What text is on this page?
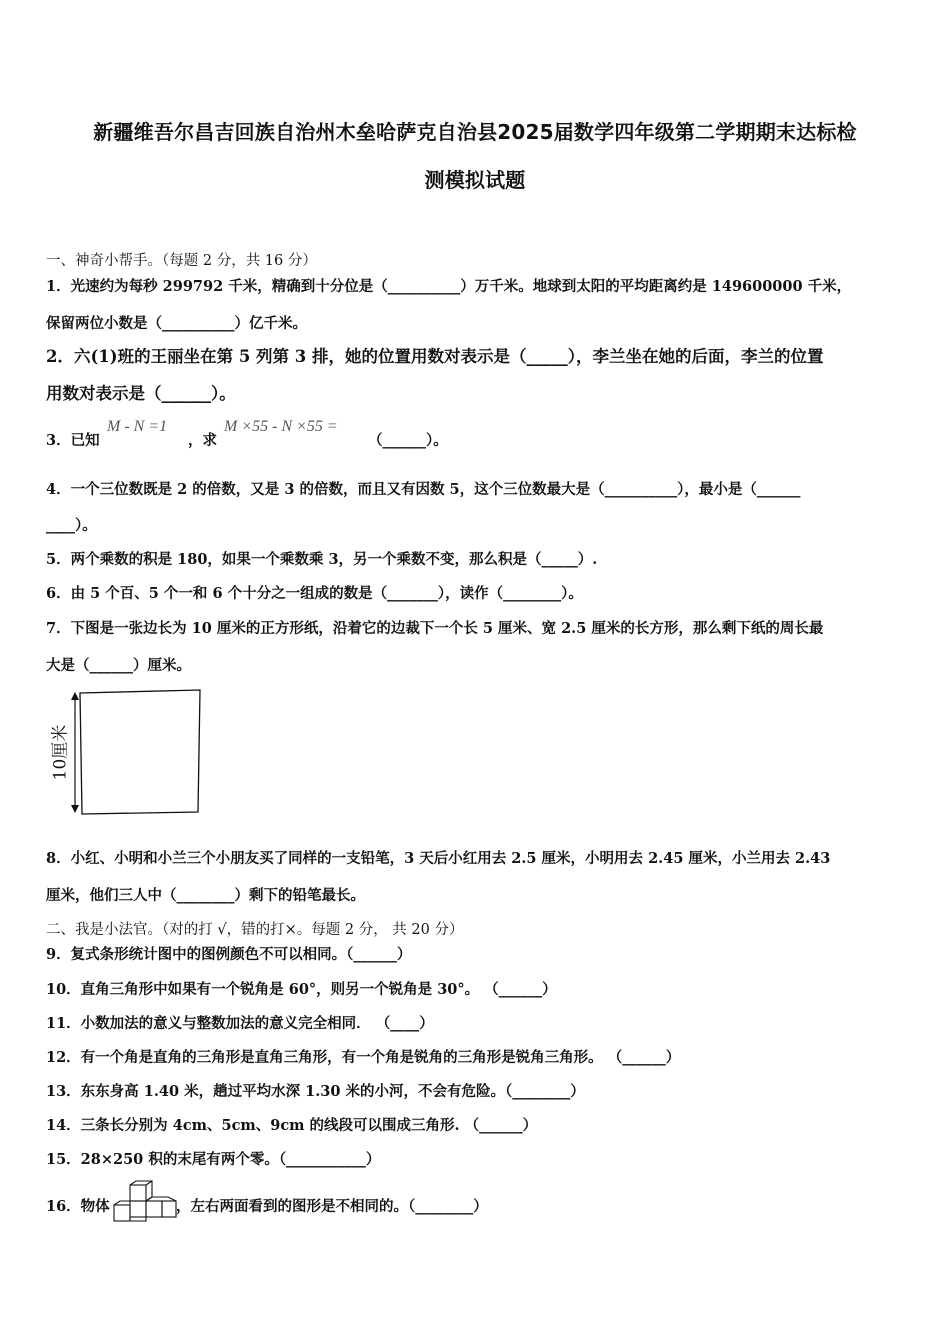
新疆维吾尔昌吉回族自治州木垒哈萨克自治县2025届数学四年级第二学期期末达标检
测模拟试题
一、神奇小帮手。（每题 2 分，共 16 分）
1．光速约为每秒 299792 千米，精确到十分位是（__________）万千米。地球到太阳的平均距离约是 149600000 千米，
保留两位小数是（__________）亿千米。
2．六(1)班的王丽坐在第 5 列第 3 排，她的位置用数对表示是（_____），李兰坐在她的后面，李兰的位置
用数对表示是（______）。
3．已知
M - N =1
，求
M ×55 - N ×55 =
（______）。
4．一个三位数既是 2 的倍数，又是 3 的倍数，而且又有因数 5，这个三位数最大是（__________），最小是（______
____）。
5．两个乘数的积是 180，如果一个乘数乘 3，另一个乘数不变，那么积是（_____）.
6．由 5 个百、5 个一和 6 个十分之一组成的数是（_______），读作（________）。
7．下图是一张边长为 10 厘米的正方形纸，沿着它的边裁下一个长 5 厘米、宽 2.5 厘米的长方形，那么剩下纸的周长最
大是（______）厘米。
10厘米
8．小红、小明和小兰三个小朋友买了同样的一支铅笔，3 天后小红用去 2.5 厘米，小明用去 2.45 厘米，小兰用去 2.43
厘米，他们三人中（________）剩下的铅笔最长。
二、我是小法官。（对的打 √，错的打×。每题 2 分， 共 20 分）
9．复式条形统计图中的图例颜色不可以相同。（______）
10．直角三角形中如果有一个锐角是 60°，则另一个锐角是 30°。 （______）
11．小数加法的意义与整数加法的意义完全相同． （____）
12．有一个角是直角的三角形是直角三角形，有一个角是锐角的三角形是锐角三角形。 （______）
13．东东身高 1.40 米，趟过平均水深 1.30 米的小河，不会有危险。（________）
14．三条长分别为 4cm、5cm、9cm 的线段可以围成三角形. （______）
15．28×250 积的末尾有两个零。（___________）
16．物体	，左右两面看到的图形是不相同的。（________）
